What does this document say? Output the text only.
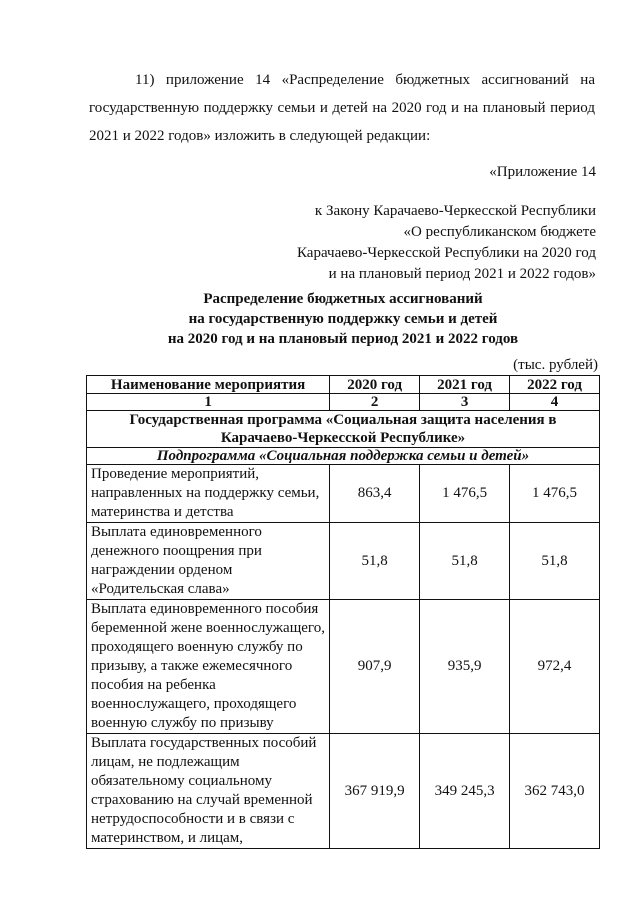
11) приложение 14 «Распределение бюджетных ассигнований на государственную поддержку семьи и детей на 2020 год и на плановый период 2021 и 2022 годов» изложить в следующей редакции:

«Приложение 14
к Закону Карачаево-Черкесской Республики
«О республиканском бюджете
Карачаево-Черкесской Республики на 2020 год
и на плановый период 2021 и 2022 годов»
Распределение бюджетных ассигнований
на государственную поддержку семьи и детей
на 2020 год и на плановый период 2021 и 2022 годов
(тыс. рублей)
Наименование мероприятия	2020 год	2021 год	2022 год
1	2	3	4
Государственная программа «Социальная защита населения в Карачаево-Черкесской Республике»			
Подпрограмма «Социальная поддержка семьи и детей»			
Проведение мероприятий, направленных на поддержку семьи, материнства и детства	863,4	1 476,5	1 476,5
Выплата единовременного денежного поощрения при награждении орденом «Родительская слава»	51,8	51,8	51,8
Выплата единовременного пособия беременной жене военнослужащего, проходящего военную службу по призыву, а также ежемесячного пособия на ребенка военнослужащего, проходящего военную службу по призыву	907,9	935,9	972,4
Выплата государственных пособий лицам, не подлежащим обязательному социальному страхованию на случай временной нетрудоспособности и в связи с материнством, и лицам,	367 919,9	349 245,3	362 743,0
